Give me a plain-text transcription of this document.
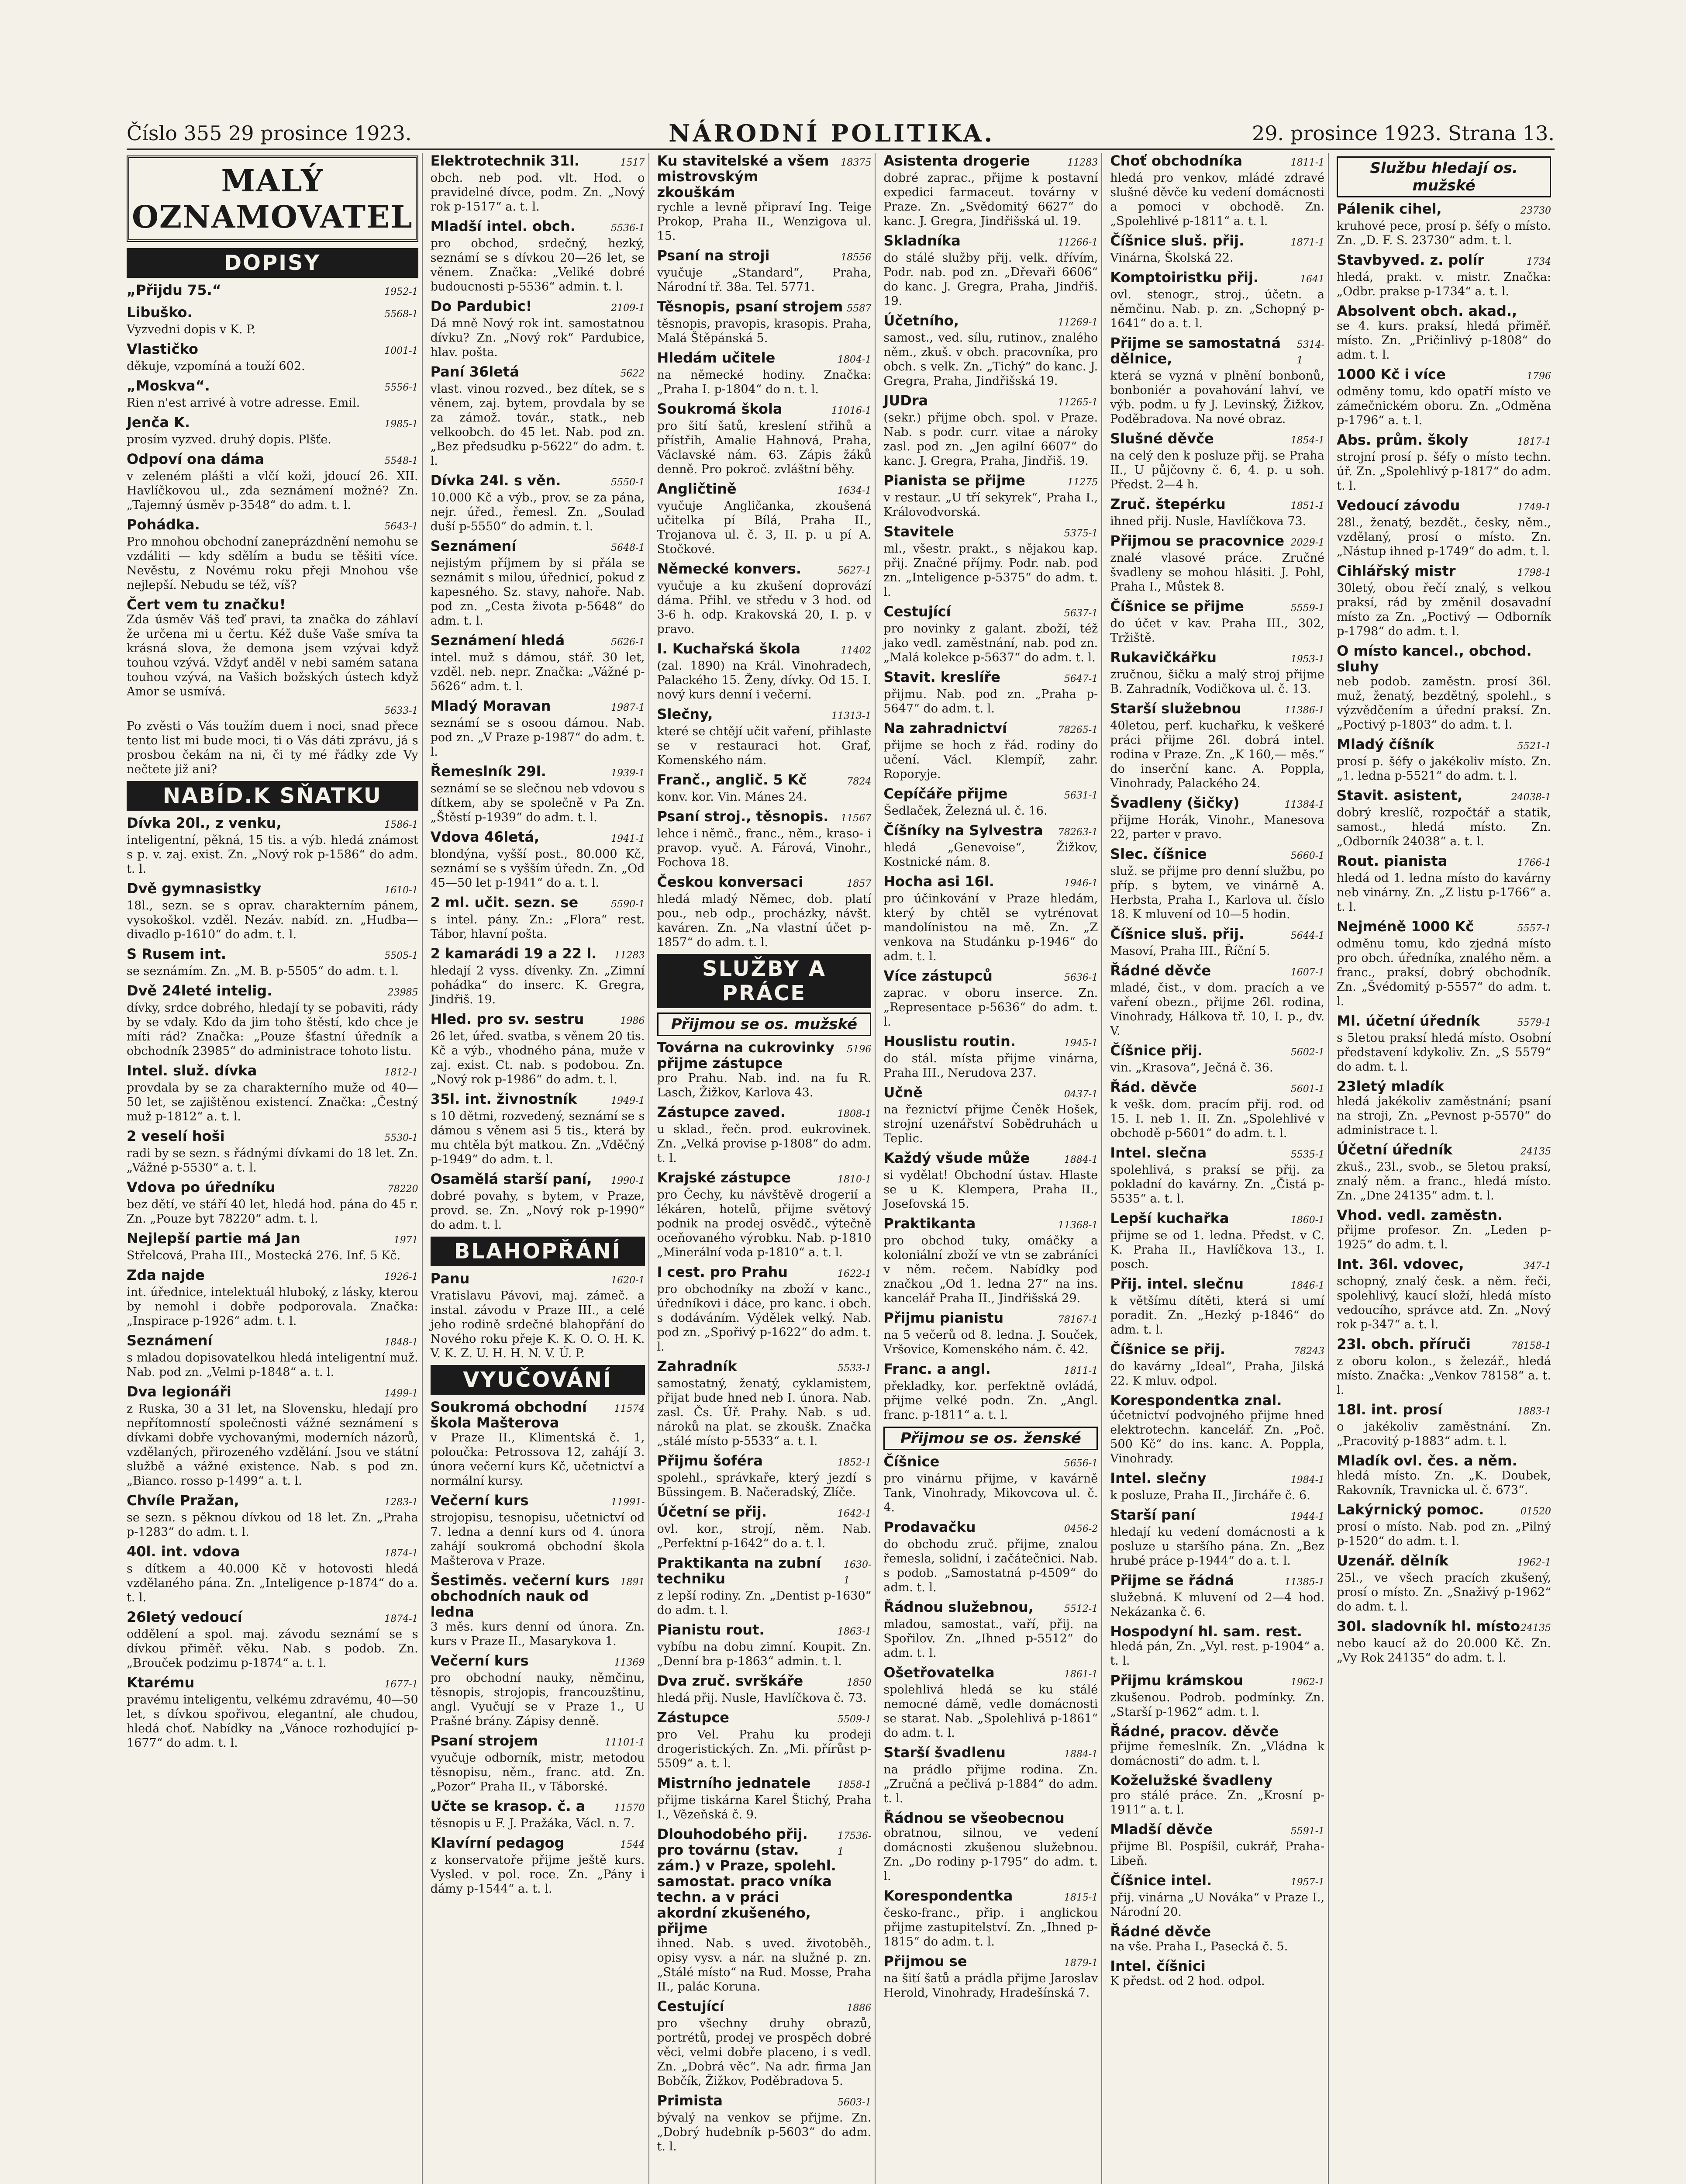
Číslo 355 29 prosince 1923.	NÁRODNÍ POLITIKA.	29. prosince 1923. Strana 13.
MALÝ OZNAMOVATEL
DOPISY
„Přijdu 75.“	1952-1
Libuško.	5568-1
Vyzvedni dopis v K. P.
Vlastičko	1001-1
děkuje, vzpomíná a touží 602.
„Moskva“.	5556-1
Rien n'est arrivé à votre adresse. Emil.
Jenča K.	1985-1
prosím vyzved. druhý dopis. Plšťe.
Odpoví ona dáma	5548-1
v zeleném plášti a vlčí koži, jdoucí 26. XII. Havlíčkovou ul., zda seznámení možné? Zn. „Tajemný úsměv p-3548“ do adm. t. l.
Pohádka.	5643-1
Pro mnohou obchodní zaneprázdnění nemohu se vzdáliti — kdy sdělím a budu se těšiti více. Nevěstu, z Novému roku přeji Mnohou vše nejlepší. Nebudu se též, víš?
Čert vem tu značku!
Zda úsměv Váš teď pravi, ta značka do záhlaví že určena mi u čertu. Kéž duše Vaše smíva ta krásná slova, že demona jsem vzývai když touhou vzývá. Vždyť anděl v nebi samém satana touhou vzývá, na Vašich božských ústech když Amor se usmívá.
5633-1
Po zvěsti o Vás toužím duem i noci, snad přece tento list mi bude moci, ti o Vás dáti zprávu, já s prosbou čekám na ni, či ty mé řádky zde Vy nečtete již ani?
NABÍD.K SŇATKU
Dívka 20l., z venku,	1586-1
inteligentní, pěkná, 15 tis. a výb. hledá známost s p. v. zaj. exist. Zn. „Nový rok p-1586“ do adm. t. l.
Dvě gymnasistky	1610-1
18l., sezn. se s oprav. charakterním pánem, vysokoškol. vzděl. Nezáv. nabíd. zn. „Hudba—divadlo p-1610“ do adm. t. l.
S Rusem int.	5505-1
se seznámím. Zn. „M. B. p-5505“ do adm. t. l.
Dvě 24leté intelig.	23985
dívky, srdce dobrého, hledají ty se pobaviti, rády by se vdaly. Kdo da jim toho štěstí, kdo chce je míti rád? Značka: „Pouze šťastní úředník a obchodník 23985“ do administrace tohoto listu.
Intel. služ. dívka	1812-1
provdala by se za charakterního muže od 40—50 let, se zajištěnou existencí. Značka: „Čestný muž p-1812“ a. t. l.
2 veselí hoši	5530-1
radi by se sezn. s řádnými dívkami do 18 let. Zn. „Vážné p-5530“ a. t. l.
Vdova po úředníku	78220
bez dětí, ve stáří 40 let, hledá hod. pána do 45 r. Zn. „Pouze byt 78220“ adm. t. l.
Nejlepší partie má Jan	1971
Střelcová, Praha III., Mostecká 276. Inf. 5 Kč.
Zda najde	1926-1
int. úřednice, intelektuál hluboký, z lásky, kterou by nemohl i dobře podporovala. Značka: „Inspirace p-1926“ adm. t. l.
Seznámení	1848-1
s mladou dopisovatelkou hledá inteligentní muž. Nab. pod zn. „Velmi p-1848“ a. t. l.
Dva legionáři	1499-1
z Ruska, 30 a 31 let, na Slovensku, hledají pro nepřítomností společnosti vážné seznámení s dívkami dobře vychovanými, moderních názorů, vzdělaných, přirozeného vzdělání. Jsou ve státní službě a vážné existence. Nab. s pod zn. „Bianco. rosso p-1499“ a. t. l.
Chvíle Pražan,	1283-1
se sezn. s pěknou dívkou od 18 let. Zn. „Praha p-1283“ do adm. t. l.
40l. int. vdova	1874-1
s dítkem a 40.000 Kč v hotovosti hledá vzdělaného pána. Zn. „Inteligence p-1874“ do a. t. l.
26letý vedoucí	1874-1
oddělení a spol. maj. závodu seznámí se s dívkou přiměř. věku. Nab. s podob. Zn. „Brouček podzimu p-1874“ a. t. l.
Ktarému	1677-1
pravému inteligentu, velkému zdravému, 40—50 let, s dívkou spořivou, elegantní, ale chudou, hledá choť. Nabídky na „Vánoce rozhodující p-1677“ do adm. t. l.
Elektrotechnik 31l.	1517
obch. neb pod. vlt. Hod. o pravidelné dívce, podm. Zn. „Nový rok p-1517“ a. t. l.
Mladší intel. obch.	5536-1
pro obchod, srdečný, hezký, seznámí se s dívkou 20—26 let, se věnem. Značka: „Veliké dobré budoucnosti p-5536“ admin. t. l.
Do Pardubic!	2109-1
Dá mně Nový rok int. samostatnou dívku? Zn. „Nový rok“ Pardubice, hlav. pošta.
Paní 36letá	5622
vlast. vinou rozved., bez dítek, se s věnem, zaj. bytem, provdala by se za zámož. továr., statk., neb velkoobch. do 45 let. Nab. pod zn. „Bez předsudku p-5622“ do adm. t. l.
Dívka 24l. s věn.	5550-1
10.000 Kč a výb., prov. se za pána, nejr. úřed., řemesl. Zn. „Soulad duší p-5550“ do admin. t. l.
Seznámení	5648-1
nejistým příjmem by si přála se seznámit s milou, úřednicí, pokud z kapesného. Sz. stavy, nahoře. Nab. pod zn. „Cesta života p-5648“ do adm. t. l.
Seznámení hledá	5626-1
intel. muž s dámou, stář. 30 let, vzděl. neb. nepr. Značka: „Vážné p-5626“ adm. t. l.
Mladý Moravan	1987-1
seznámí se s osoou dámou. Nab. pod zn. „V Praze p-1987“ do adm. t. l.
Řemeslník 29l.	1939-1
seznámí se se slečnou neb vdovou s dítkem, aby se společně v Pa Zn. „Štěstí p-1939“ do adm. t. l.
Vdova 46letá,	1941-1
blondýna, vyšší post., 80.000 Kč, seznámí se s vyšším úředn. Zn. „Od 45—50 let p-1941“ do a. t. l.
2 ml. učit. sezn. se	5590-1
s intel. pány. Zn.: „Flora“ rest. Tábor, hlavní pošta.
2 kamarádi 19 a 22 l. 11283
hledají 2 vyss. dívenky. Zn. „Zimní pohádka“ do inserc. K. Gregra, Jindřiš. 19.
Hled. pro sv. sestru	1986
26 let, úřed. svatba, s věnem 20 tis. Kč a výb., vhodného pána, muže v zaj. exist. Ct. nab. s podobou. Zn. „Nový rok p-1986“ do adm. t. l.
35l. int. živnostník	1949-1
s 10 dětmi, rozvedený, seznámí se s dámou s věnem asi 5 tis., která by mu chtěla být matkou. Zn. „Vděčný p-1949“ do adm. t. l.
Osamělá starší paní, 1990-1
dobré povahy, s bytem, v Praze, provd. se. Zn. „Nový rok p-1990“ do adm. t. l.
BLAHOPŘÁNÍ
Panu	1620-1
Vratislavu Pávovi, maj. zámeč. a instal. závodu v Praze III., a celé jeho rodině srdečné blahopřání do Nového roku přeje K. K. O. O. H. K. V. K. Z. U. H. H. N. V. Ú. P.
VYUČOVÁNÍ
Soukromá obchodní škola Mašterova
11574
v Praze II., Klimentská č. 1, poloučka: Petrossova 12, zahájí 3. února večerní kurs Kč, učetnictví a normální kursy.
Večerní kurs	11991-
strojopisu, tesnopisu, učetnictví od 7. ledna a denní kurs od 4. února zahájí soukromá obchodní škola Mašterova v Praze.
Šestiměs. večerní kurs obchodních nauk od ledna
1891
3 měs. kurs denní od února. Zn. kurs v Praze II., Masarykova 1.
Večerní kurs	11369
pro obchodní nauky, němčinu, těsnopis, strojopis, francouzštinu, angl. Vyučují se v Praze 1., U Prašné brány. Zápisy denně.
Psaní strojem	11101-1
vyučuje odborník, mistr, metodou těsnopisu, něm., franc. atd. Zn. „Pozor“ Praha II., v Táborské.
Učte se krasop. č. a	11570
těsnopis u F. J. Pražáka, Václ. n. 7.
Klavírní pedagog	1544
z konservatoře přijme ještě kurs. Vysled. v pol. roce. Zn. „Pány i dámy p-1544“ a. t. l.
Ku stavitelské a všem mistrovským zkouškám
18375
rychle a levně připraví Ing. Teige Prokop, Praha II., Wenzigova ul. 15.
Psaní na stroji	18556
vyučuje „Standard“, Praha, Národní tř. 38a. Tel. 5771.
Těsnopis, psaní strojem 5587
těsnopis, pravopis, krasopis. Praha, Malá Štěpánská 5.
Hledám učitele	1804-1
na německé hodiny. Značka: „Praha I. p-1804“ do n. t. l.
Soukromá škola	11016-1
pro šití šatů, kreslení střihů a přístřih, Amalie Hahnová, Praha, Václavské nám. 63. Zápis žáků denně. Pro pokroč. zvláštní běhy.
Angličtině	1634-1
vyučuje Angličanka, zkoušená učitelka pí Bílá, Praha II., Trojanova ul. č. 3, II. p. u pí A. Stočkové.
Německé konvers.	5627-1
vyučuje a ku zkušení doprovází dáma. Přihl. ve středu v 3 hod. od 3-6 h. odp. Krakovská 20, I. p. v pravo.
I. Kuchařská škola	11402
(zal. 1890) na Král. Vinohradech, Palackého 15. Ženy, dívky. Od 15. I. nový kurs denní i večerní.
Slečny,	11313-1
které se chtějí učit vaření, přihlaste se v restauraci hot. Graf, Komenského nám.
Franč., anglič. 5 Kč	7824
konv. kor. Vin. Mánes 24.
Psaní stroj., těsnopis. 11567
lehce i němč., franc., něm., kraso- i pravop. vyuč. A. Fárová, Vinohr., Fochova 18.
Českou konversaci	1857
hledá mladý Němec, dob. platí pou., neb odp., procházky, návšt. kaváren. Zn. „Na vlastní účet p-1857“ do adm. t. l.
SLUŽBY A PRÁCE
Přijmou se os. mužské
Továrna na cukrovinky přijme zástupce
5196
pro Prahu. Nab. ind. na fu R. Lasch, Žižkov, Karlova 43.
Zástupce zaved.	1808-1
u sklad., řečn. prod. eukrovinek. Zn. „Velká provise p-1808“ do adm. t. l.
Krajské zástupce	1810-1
pro Čechy, ku návštěvě drogerií a lékáren, hotelů, přijme světový podnik na prodej osvědč., výtečně oceňovaného výrobku. Nab. p-1810 „Minerální voda p-1810“ a. t. l.
I cest. pro Prahu	1622-1
pro obchodníky na zboží v kanc., úředníkovi i dáce, pro kanc. i obch. s dodáváním. Výdělek velký. Nab. pod zn. „Spořivý p-1622“ do adm. t. l.
Zahradník	5533-1
samostatný, ženatý, cyklamistem, přijat bude hned neb I. února. Nab. zasl. Čs. Úř. Prahy. Nab. s ud. nároků na plat. se zkoušk. Značka „stálé místo p-5533“ a. t. l.
Přijmu šoféra	1852-1
spolehl., správkaře, který jezdí s Büssingem. B. Načeradský, Zlíče.
Účetní se přij.	1642-1
ovl. kor., strojí, něm. Nab. „Perfektní p-1642“ do a. t. l.
Praktikanta na zubní techniku
1630-1
z lepší rodiny. Zn. „Dentist p-1630“ do adm. t. l.
Pianistu rout.	1863-1
vybíbu na dobu zimní. Koupit. Zn. „Denní bra p-1863“ admin. t. l.
Dva zruč. svrškáře	1850
hledá přij. Nusle, Havlíčkova č. 73.
Zástupce	5509-1
pro Vel. Prahu ku prodeji drogeristických. Zn. „Mi. přírůst p-5509“ a. t. l.
Mistrního jednatele	1858-1
přijme tiskárna Karel Štichý, Praha I., Vězeňská č. 9.
Dlouhodobého přij. pro továrnu (stav. zám.) v Praze, spolehl. samostat. praco vníka techn. a v práci akordní zkušeného, přijme
17536-1
ihned. Nab. s uved. životoběh., opisy vysv. a nár. na služné p. zn. „Stálé místo“ na Rud. Mosse, Praha II., palác Koruna.
Cestující	1886
pro všechny druhy obrazů, portrétů, prodej ve prospěch dobré věci, velmi dobře placeno, i s vedl. Zn. „Dobrá věc“. Na adr. firma Jan Bobčík, Žižkov, Poděbradova 5.
Primista	5603-1
bývalý na venkov se přijme. Zn. „Dobrý hudebník p-5603“ do adm. t. l.
Asistenta drogerie	11283
dobré zaprac., přijme k postavní expedici farmaceut. továrny v Praze. Zn. „Svědomitý 6627“ do kanc. J. Gregra, Jindřišská ul. 19.
Skladníka	11266-1
do stálé služby přij. velk. dřívím, Podr. nab. pod zn. „Dřevaři 6606“ do kanc. J. Gregra, Praha, Jindřiš. 19.
Účetního,	11269-1
samost., ved. sílu, rutinov., znalého něm., zkuš. v obch. pracovníka, pro obch. s velk. Zn. „Tichý“ do kanc. J. Gregra, Praha, Jindřišská 19.
JUDra	11265-1
(sekr.) přijme obch. spol. v Praze. Nab. s podr. curr. vitae a nároky zasl. pod zn. „Jen agilní 6607“ do kanc. J. Gregra, Praha, Jindřiš. 19.
Pianista se přijme	11275
v restaur. „U tří sekyrek“, Praha I., Královodvorská.
Stavitele	5375-1
ml., všestr. prakt., s nějakou kap. přij. Značné příjmy. Podr. nab. pod zn. „Inteligence p-5375“ do adm. t. l.
Cestující	5637-1
pro novinky z galant. zboží, též jako vedl. zaměstnání, nab. pod zn. „Malá kolekce p-5637“ do adm. t. l.
Stavit. kreslíře	5647-1
přijmu. Nab. pod zn. „Praha p-5647“ do adm. t. l.
Na zahradnictví	78265-1
přijme se hoch z řád. rodiny do učení. Václ. Klempíř, zahr. Roporyje.
Cepíčáře přijme	5631-1
Šedlaček, Železná ul. č. 16.
Číšníky na Sylvestra 78263-1
hledá „Genevoise“, Žižkov, Kostnické nám. 8.
Hocha asi 16l.	1946-1
pro účinkování v Praze hledám, který by chtěl se vytrénovat mandolínistou na mě. Zn. „Z venkova na Studánku p-1946“ do adm. t. l.
Více zástupců	5636-1
zaprac. v oboru inserce. Zn. „Representace p-5636“ do adm. t. l.
Houslistu routin.	1945-1
do stál. místa přijme vinárna, Praha III., Nerudova 237.
Učně	0437-1
na řeznictví přijme Čeněk Hošek, strojní uzenářství Sobědruhách u Teplic.
Každý všude může	1884-1
si vydělat! Obchodní ústav. Hlaste se u K. Klempera, Praha II., Josefovská 15.
Praktikanta	11368-1
pro obchod tuky, omáčky a koloniální zboží ve vtn se zabráníci v něm. rečem. Nabídky pod značkou „Od 1. ledna 27“ na ins. kancelář Praha II., Jindřišská 29.
Přijmu pianistu	78167-1
na 5 večerů od 8. ledna. J. Souček, Vršovice, Komenského nám. č. 42.
Franc. a angl.	1811-1
překladky, kor. perfektně ovládá, přijme velké podn. Zn. „Angl. franc. p-1811“ a. t. l.
Přijmou se os. ženské
Číšnice	5656-1
pro vinárnu přijme, v kavárně Tank, Vinohrady, Mikovcova ul. č. 4.
Prodavačku	0456-2
do obchodu zruč. přijme, znalou řemesla, solidní, i začátečnici. Nab. s podob. „Samostatná p-4509“ do adm. t. l.
Řádnou služebnou,	5512-1
mladou, samostat., vaří, přij. na Spořilov. Zn. „Ihned p-5512“ do adm. t. l.
Ošetřovatelka	1861-1
spolehlivá hledá se ku stálé nemocné dámě, vedle domácnosti se starat. Nab. „Spolehlivá p-1861“ do adm. t. l.
Starší švadlenu	1884-1
na prádlo přijme rodina. Zn. „Zručná a pečlivá p-1884“ do adm. t. l.
Řádnou se všeobecnou
obratnou, silnou, ve vedení domácnosti zkušenou služebnou. Zn. „Do rodiny p-1795“ do adm. t. l.
Korespondentka	1815-1
česko-franc., přip. i anglickou přijme zastupitelství. Zn. „Ihned p-1815“ do adm. t. l.
Přijmou se	1879-1
na šití šatů a prádla přijme Jaroslav Herold, Vinohrady, Hradešínská 7.
Choť obchodníka	1811-1
hledá pro venkov, mládé zdravé slušné děvče ku vedení domácnosti a pomoci v obchodě. Zn. „Spolehlivé p-1811“ a. t. l.
Číšnice sluš. přij.	1871-1
Vinárna, Školská 22.
Komptoiristku přij.	1641
ovl. stenogr., stroj., účetn. a němčinu. Nab. p. zn. „Schopný p-1641“ do a. t. l.
Přijme se samostatná dělnice,
5314-1
která se vyzná v plnění bonbonů, bonboniér a povahování lahví, ve výb. podm. u fy J. Levinský, Žižkov, Poděbradova. Na nové obraz.
Slušné děvče	1854-1
na celý den k posluze přij. se Praha II., U půjčovny č. 6, 4. p. u soh. Předst. 2—4 h.
Zruč. štepérku	1851-1
ihned přij. Nusle, Havlíčkova 73.
Přijmou se pracovnice 2029-1
znalé vlasové práce. Zručné švadleny se mohou hlásiti. J. Pohl, Praha I., Můstek 8.
Číšnice se přijme	5559-1
do účet v kav. Praha III., 302, Tržiště.
Rukavičkářku	1953-1
zručnou, šičku a malý stroj přijme B. Zahradník, Vodičkova ul. č. 13.
Starší služebnou	11386-1
40letou, perf. kuchařku, k veškeré práci přijme 26l. dobrá intel. rodina v Praze. Zn. „K 160,— měs.“ do inserční kanc. A. Poppla, Vinohrady, Palackého 24.
Švadleny (šičky)	11384-1
přijme Horák, Vinohr., Manesova 22, parter v pravo.
Slec. číšnice	5660-1
služ. se přijme pro denní službu, po příp. s bytem, ve vinárně A. Herbsta, Praha I., Karlova ul. číslo 18. K mluvení od 10—5 hodin.
Číšnice sluš. přij.	5644-1
Masoví, Praha III., Říční 5.
Řádné děvče	1607-1
mladé, čist., v dom. pracích a ve vaření obezn., přijme 26l. rodina, Vinohrady, Hálkova tř. 10, I. p., dv. V.
Číšnice přij.	5602-1
vin. „Krasova“, Ječná č. 36.
Řád. děvče	5601-1
k vešk. dom. pracím přij. rod. od 15. I. neb 1. II. Zn. „Spolehlivé v obchodě p-5601“ do adm. t. l.
Intel. slečna	5535-1
spolehlivá, s praksí se přij. za pokladní do kavárny. Zn. „Čistá p-5535“ a. t. l.
Lepší kuchařka	1860-1
přijme se od 1. ledna. Předst. v C. K. Praha II., Havlíčkova 13., I. posch.
Přij. intel. slečnu	1846-1
k většímu dítěti, která si umí poradit. Zn. „Hezký p-1846“ do adm. t. l.
Číšnice se přij.	78243
do kavárny „Ideal“, Praha, Jilská 22. K mluv. odpol.
Korespondentka znal.
účetnictví podvojného přijme hned elektrotechn. kancelář. Zn. „Poč. 500 Kč“ do ins. kanc. A. Poppla, Vinohrady.
Intel. slečny	1984-1
k posluze, Praha II., Jircháře č. 6.
Starší paní	1944-1
hledají ku vedení domácnosti a k posluze u staršího pána. Zn. „Bez hrubé práce p-1944“ do a. t. l.
Přijme se řádná	11385-1
služebná. K mluvení od 2—4 hod. Nekázanka č. 6.
Hospodyní hl. sam. rest.
hledá pán, Zn. „Vyl. rest. p-1904“ a. t. l.
Přijmu krámskou	1962-1
zkušenou. Podrob. podmínky. Zn. „Starší p-1962“ adm. t. l.
Řádné, pracov. děvče
přijme řemeslník. Zn. „Vládna k domácnosti“ do adm. t. l.
Koželužské švadleny
pro stálé práce. Zn. „Krosní p-1911“ a. t. l.
Mladší děvče	5591-1
přijme Bl. Pospíšil, cukrář, Praha-Libeň.
Číšnice intel.	1957-1
přij. vinárna „U Nováka“ v Praze I., Národní 20.
Řádné děvče
na vše. Praha I., Pasecká č. 5.
Intel. číšnici
K předst. od 2 hod. odpol.
Službu hledají os. mužské
Pálenik cihel,	23730
kruhové pece, prosí p. šéfy o místo. Zn. „D. F. S. 23730“ adm. t. l.
Stavbyved. z. polír	1734
hledá, prakt. v. mistr. Značka: „Odbr. prakse p-1734“ a. t. l.
Absolvent obch. akad.,
se 4. kurs. praksí, hledá přiměř. místo. Zn. „Pričinlivý p-1808“ do adm. t. l.
1000 Kč i více	1796
odměny tomu, kdo opatří místo ve zámečnickém oboru. Zn. „Odměna p-1796“ a. t. l.
Abs. prům. školy	1817-1
strojní prosí p. šéfy o místo techn. úř. Zn. „Spolehlivý p-1817“ do adm. t. l.
Vedoucí závodu	1749-1
28l., ženatý, bezdět., česky, něm., vzdělaný, prosí o místo. Zn. „Nástup ihned p-1749“ do adm. t. l.
Cihlářský mistr	1798-1
30letý, obou řečí znalý, s velkou praksí, rád by změnil dosavadní místo za Zn. „Poctivý — Odborník p-1798“ do adm. t. l.
O místo kancel., obchod. sluhy
neb podob. zaměstn. prosí 36l. muž, ženatý, bezdětný, spolehl., s výzvědčením a úřední praksí. Zn. „Poctivý p-1803“ do adm. t. l.
Mladý číšník	5521-1
prosí p. šéfy o jakékoliv místo. Zn. „1. ledna p-5521“ do adm. t. l.
Stavit. asistent,	24038-1
dobrý kreslíč, rozpočtář a statik, samost., hledá místo. Zn. „Odborník 24038“ a. t. l.
Rout. pianista	1766-1
hledá od 1. ledna místo do kavárny neb vinárny. Zn. „Z listu p-1766“ a. t. l.
Nejméně 1000 Kč	5557-1
odměnu tomu, kdo zjedná místo pro obch. úředníka, znalého něm. a franc., praksí, dobrý obchodník. Zn. „Švédomitý p-5557“ do adm. t. l.
Ml. účetní úředník	5579-1
s 5letou praksí hledá místo. Osobní představení kdykoliv. Zn. „S 5579“ do adm. t. l.
23letý mladík
hledá jakékoliv zaměstnání; psaní na stroji, Zn. „Pevnost p-5570“ do administrace t. l.
Účetní úředník	24135
zkuš., 23l., svob., se 5letou praksí, znalý něm. a franc., hledá místo. Zn. „Dne 24135“ adm. t. l.
Vhod. vedl. zaměstn.
přijme profesor. Zn. „Leden p-1925“ do adm. t. l.
Int. 36l. vdovec,	347-1
schopný, znalý česk. a něm. řeči, spolehlivý, kaucí složí, hledá místo vedoucího, správce atd. Zn. „Nový rok p-347“ a. t. l.
23l. obch. příruči	78158-1
z oboru kolon., s železář., hledá místo. Značka: „Venkov 78158“ a. t. l.
18l. int. prosí	1883-1
o jakékoliv zaměstnání. Zn. „Pracovitý p-1883“ adm. t. l.
Mladík ovl. čes. a něm.
hledá místo. Zn. „K. Doubek, Rakovník, Travnicka ul. č. 673“.
Lakýrnický pomoc.	01520
prosí o místo. Nab. pod zn. „Pilný p-1520“ do adm. t. l.
Uzenář. dělník	1962-1
25l., ve všech pracích zkušený, prosí o místo. Zn. „Snaživý p-1962“ do adm. t. l.
30l. sladovník hl. místo 24135
nebo kaucí až do 20.000 Kč. Zn. „Vy Rok 24135“ do adm. t. l.
